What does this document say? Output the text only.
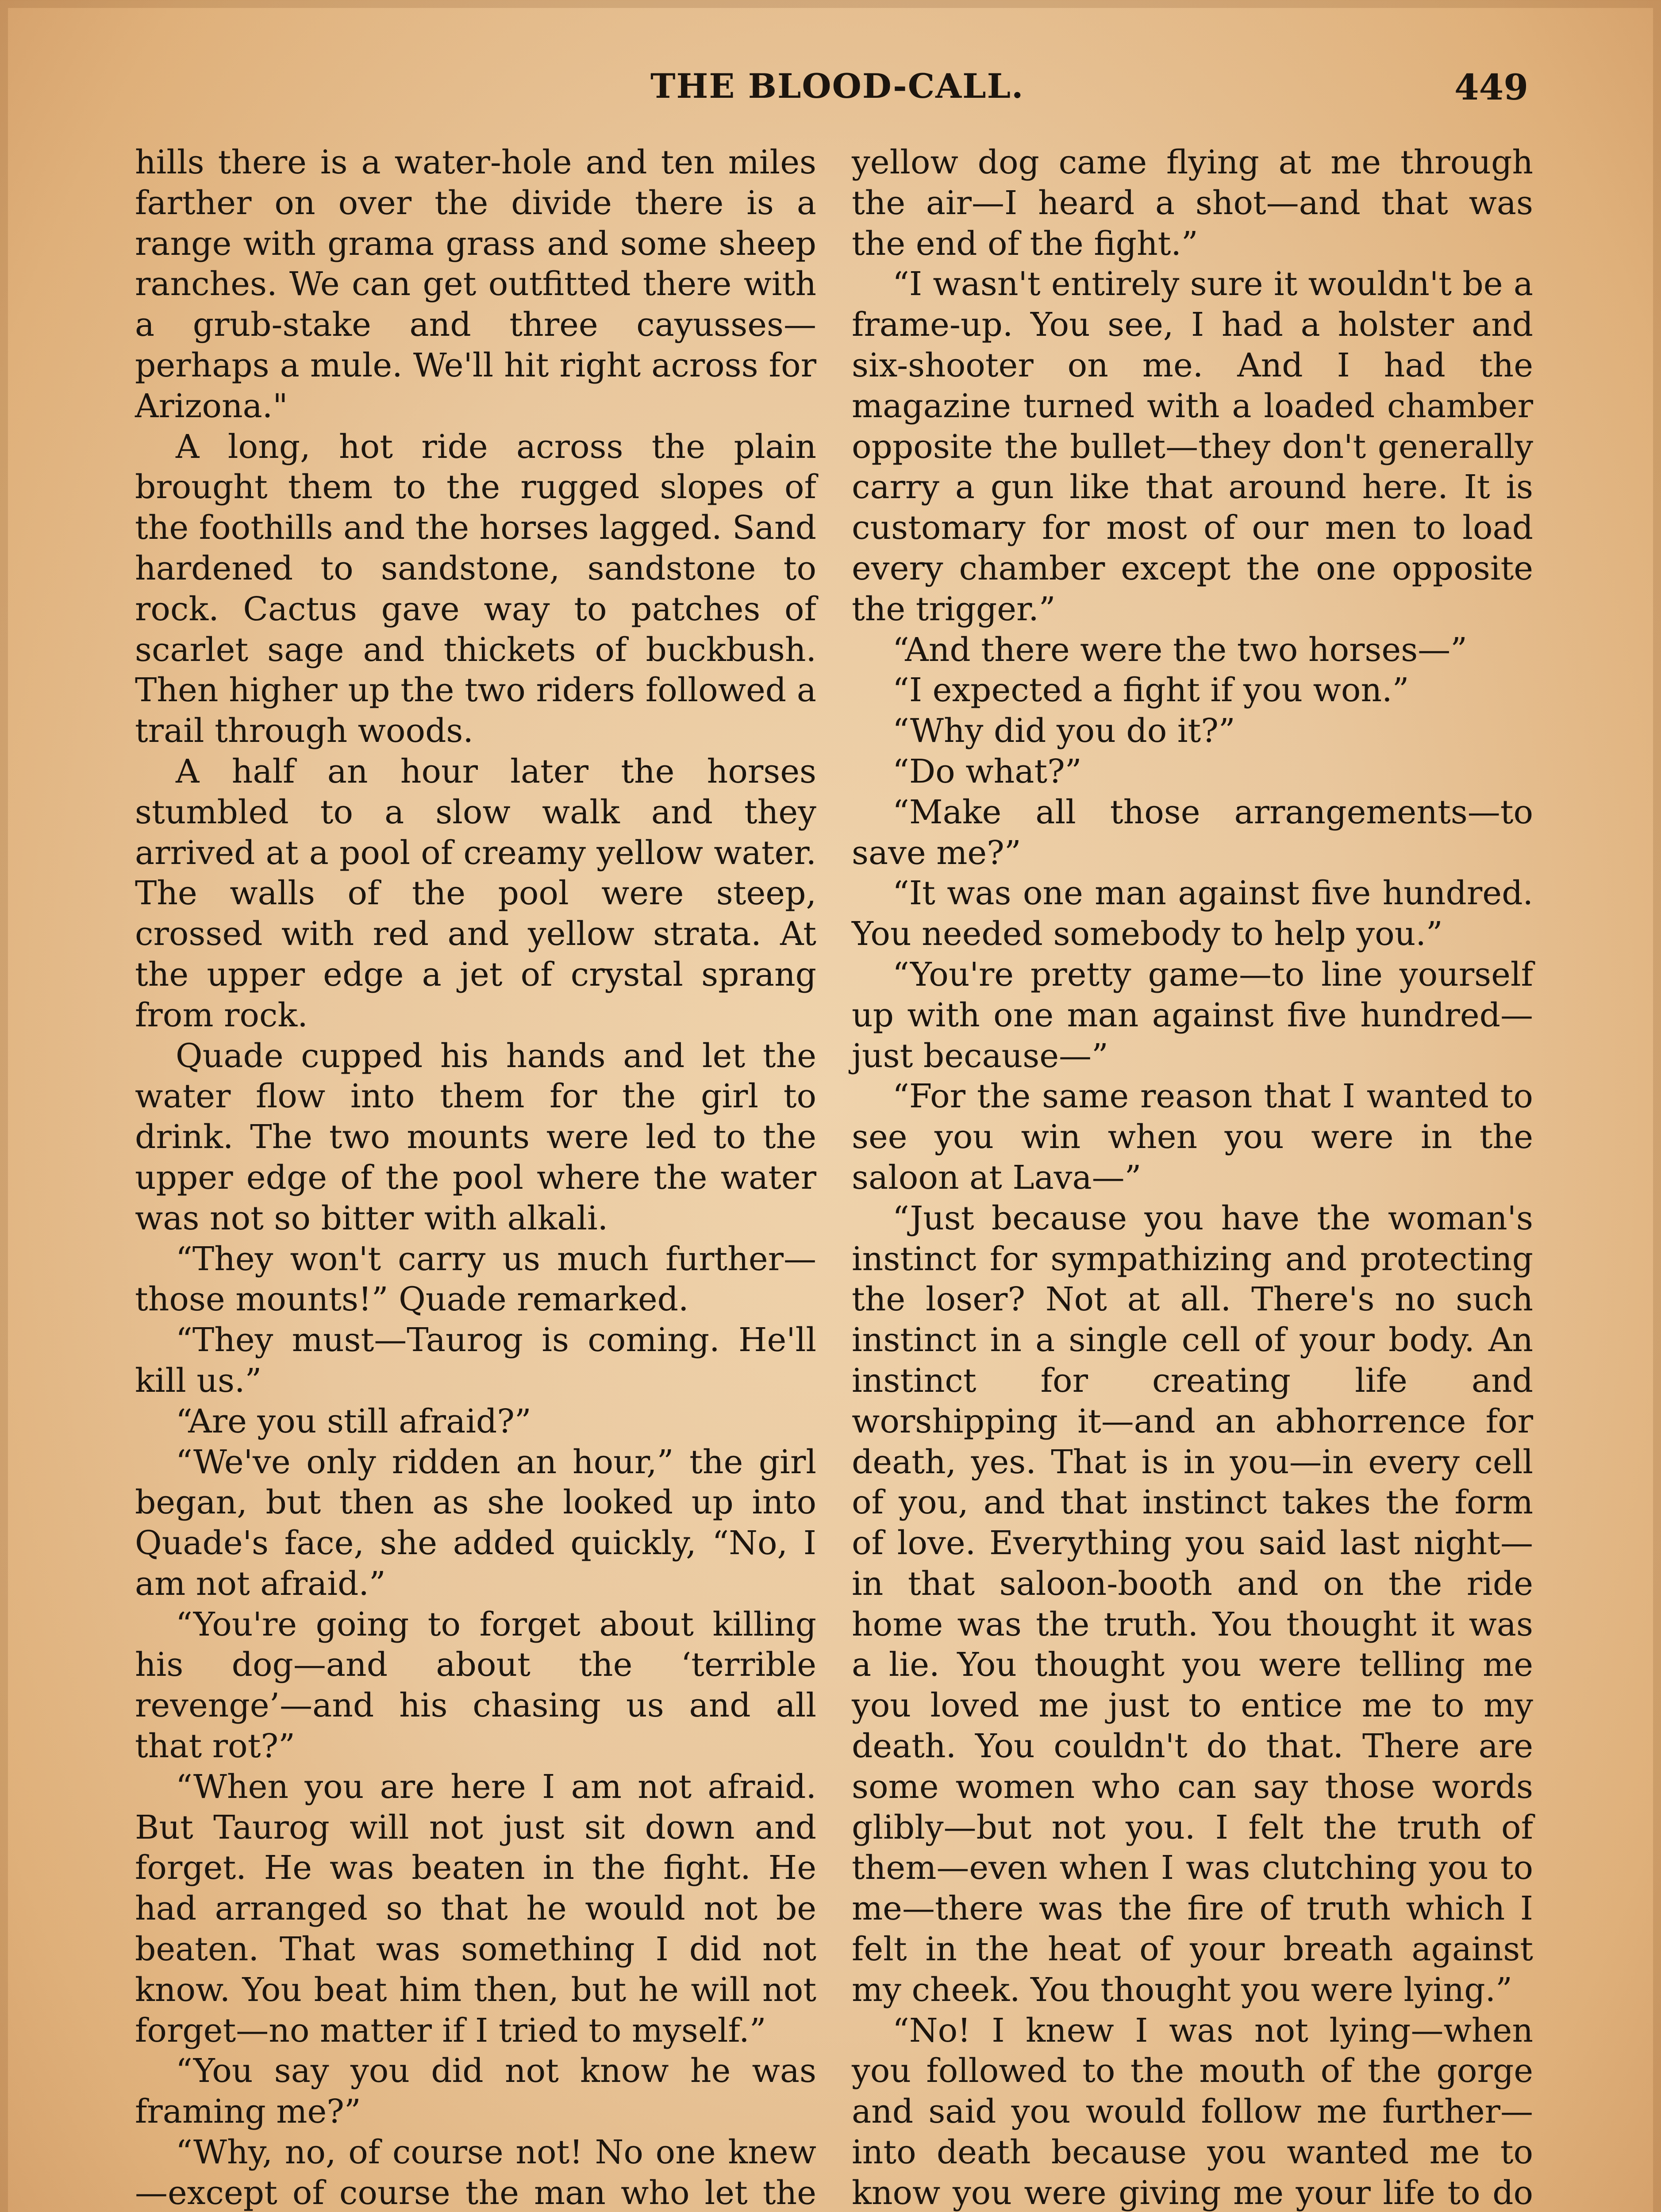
THE BLOOD-CALL.	449

hills there is a water-hole and ten miles farther on over the divide there is a range with grama grass and some sheep ranches. We can get outfitted there with a grub-stake and three cayusses—perhaps a mule. We'll hit right across for Arizona."

A long, hot ride across the plain brought them to the rugged slopes of the foothills and the horses lagged. Sand hardened to sandstone, sandstone to rock. Cactus gave way to patches of scarlet sage and thickets of buckbush. Then higher up the two riders followed a trail through woods.

A half an hour later the horses stumbled to a slow walk and they arrived at a pool of creamy yellow water. The walls of the pool were steep, crossed with red and yellow strata. At the upper edge a jet of crystal sprang from rock.

Quade cupped his hands and let the water flow into them for the girl to drink. The two mounts were led to the upper edge of the pool where the water was not so bitter with alkali.

“They won't carry us much further—those mounts!” Quade remarked.

“They must—Taurog is coming. He'll kill us.”

“Are you still afraid?”

“We've only ridden an hour,” the girl began, but then as she looked up into Quade's face, she added quickly, “No, I am not afraid.”

“You're going to forget about killing his dog—and about the ‘terrible revenge’—and his chasing us and all that rot?”

“When you are here I am not afraid. But Taurog will not just sit down and forget. He was beaten in the fight. He had arranged so that he would not be beaten. That was something I did not know. You beat him then, but he will not forget—no matter if I tried to myself.”

“You say you did not know he was framing me?”

“Why, no, of course not! No one knew—except of course the man who let the

yellow dog came flying at me through the air—I heard a shot—and that was the end of the fight.”

“I wasn't entirely sure it wouldn't be a frame-up. You see, I had a holster and six-shooter on me. And I had the magazine turned with a loaded chamber opposite the bullet—they don't generally carry a gun like that around here. It is customary for most of our men to load every chamber except the one opposite the trigger.”

“And there were the two horses—”

“I expected a fight if you won.”

“Why did you do it?”

“Do what?”

“Make all those arrangements—to save me?”

“It was one man against five hundred. You needed somebody to help you.”

“You're pretty game—to line yourself up with one man against five hundred—just because—”

“For the same reason that I wanted to see you win when you were in the saloon at Lava—”

“Just because you have the woman's instinct for sympathizing and protecting the loser? Not at all. There's no such instinct in a single cell of your body. An instinct for creating life and worshipping it—and an abhorrence for death, yes. That is in you—in every cell of you, and that instinct takes the form of love. Everything you said last night—in that saloon-booth and on the ride home was the truth. You thought it was a lie. You thought you were telling me you loved me just to entice me to my death. You couldn't do that. There are some women who can say those words glibly—but not you. I felt the truth of them—even when I was clutching you to me—there was the fire of truth which I felt in the heat of your breath against my cheek. You thought you were lying.”

“No! I knew I was not lying—when you followed to the mouth of the gorge and said you would follow me further—into death because you wanted me to know you were giving me your life to do
